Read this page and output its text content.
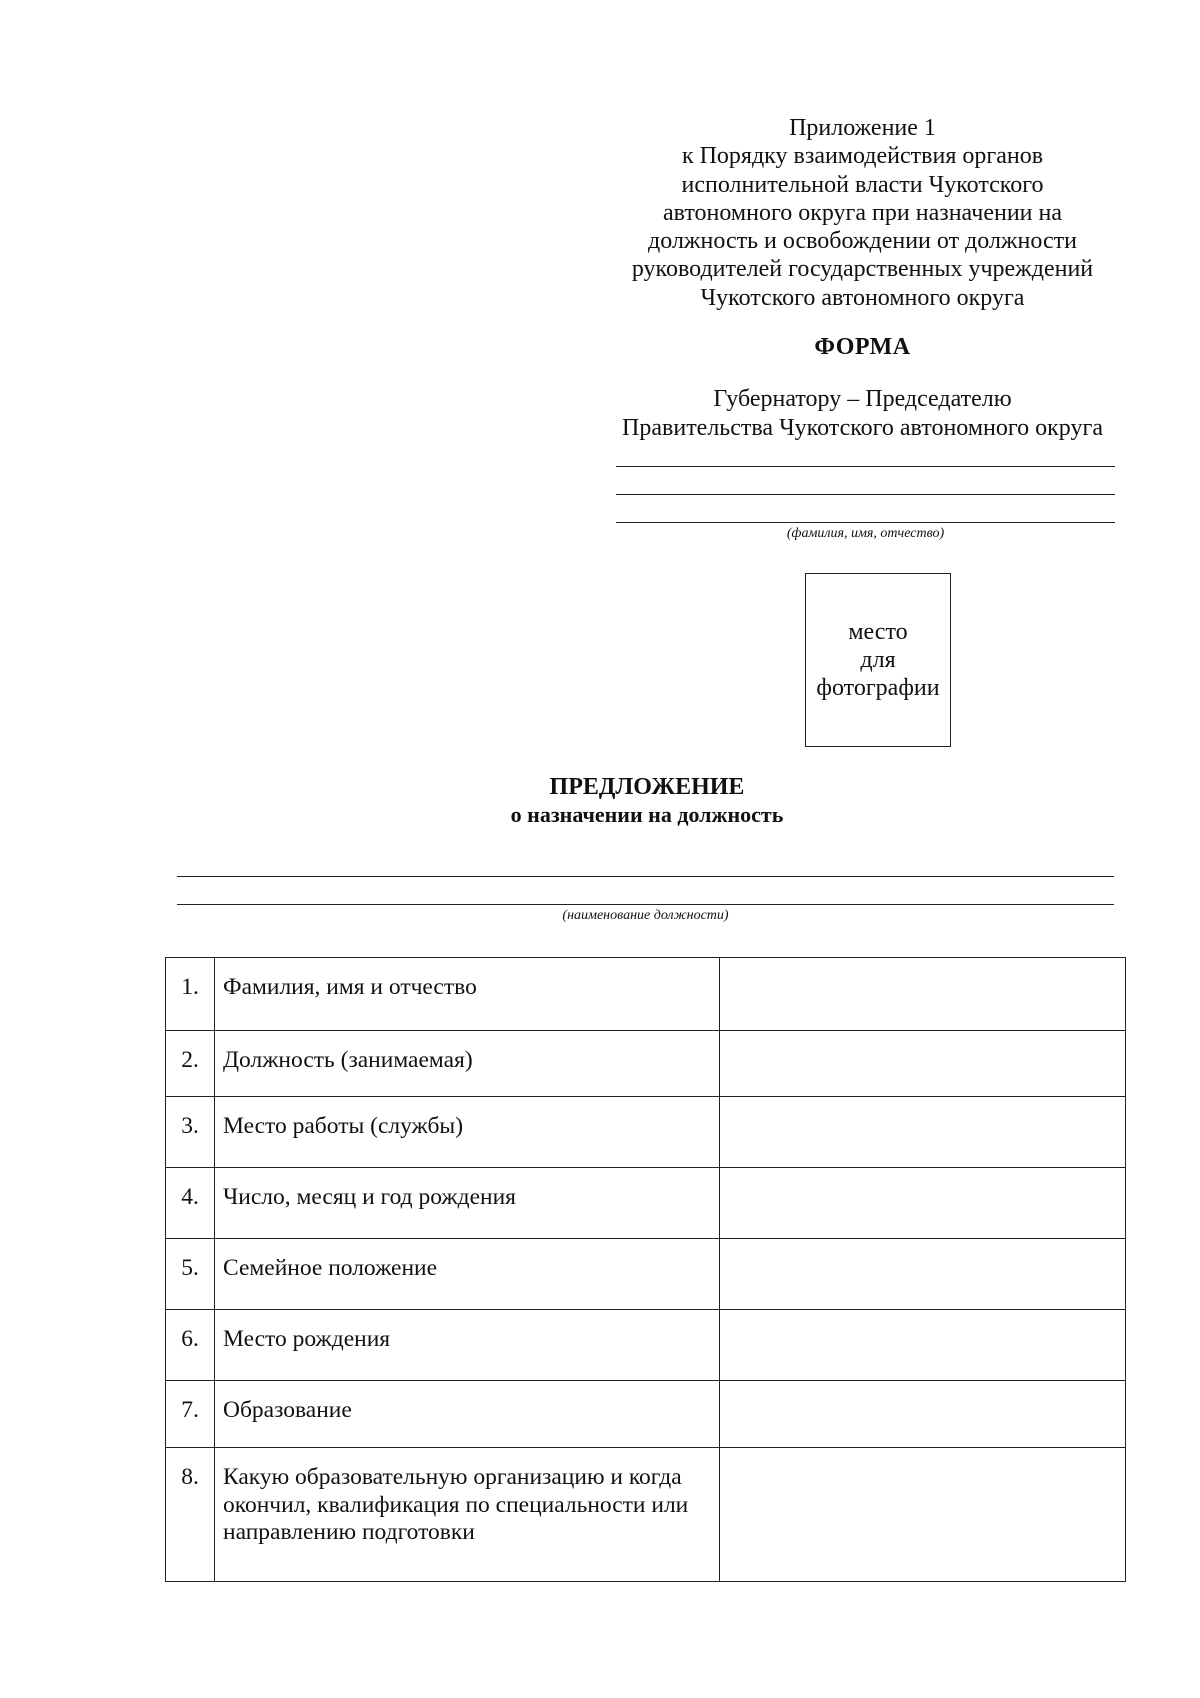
Приложение 1
к Порядку взаимодействия органов
исполнительной власти Чукотского
автономного округа при назначении на
должность и освобождении от должности
руководителей государственных учреждений
Чукотского автономного округа
ФОРМА
Губернатору – Председателю
Правительства Чукотского автономного округа
(фамилия, имя, отчество)
место
для
фотографии
ПРЕДЛОЖЕНИЕ
о назначении на должность
(наименование должности)
1.	Фамилия, имя и отчество	
2.	Должность (занимаемая)	
3.	Место работы (службы)	
4.	Число, месяц и год рождения	
5.	Семейное положение	
6.	Место рождения	
7.	Образование	
8.	Какую образовательную организацию и когда окончил, квалификация по специальности или направлению подготовки	
